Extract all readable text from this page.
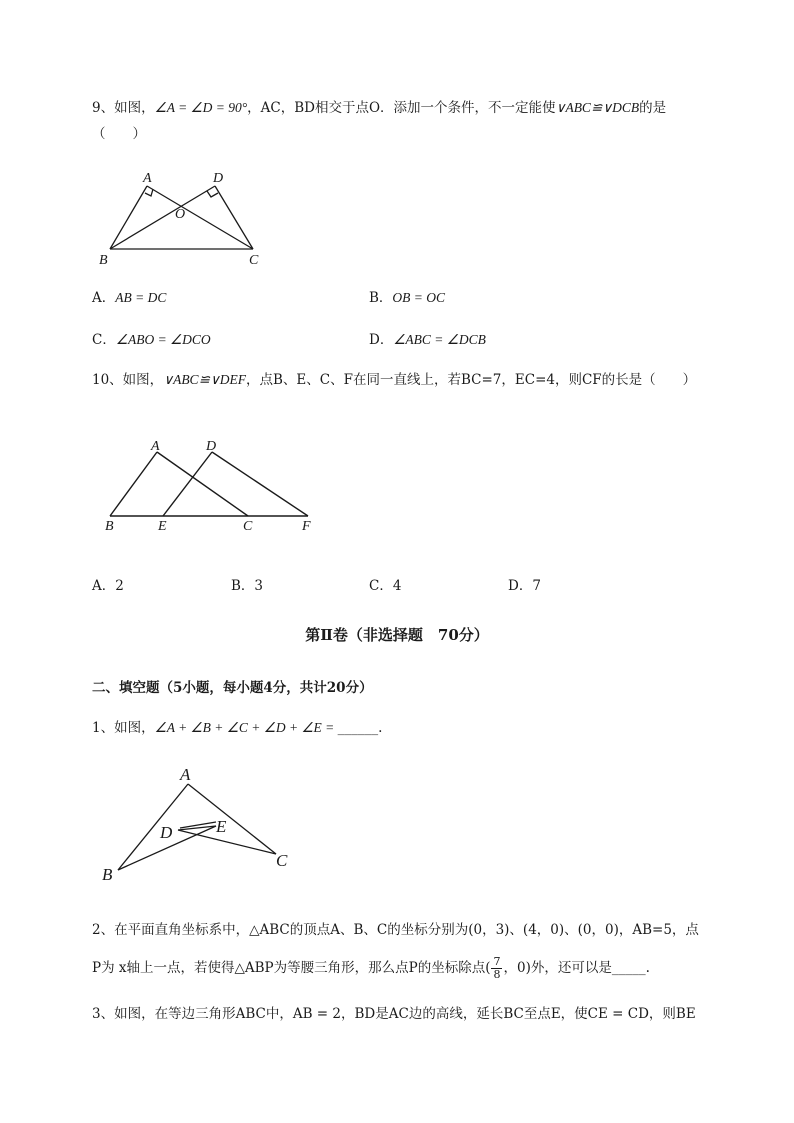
9、如图，∠A = ∠D = 90°，AC，BD相交于点O．添加一个条件，不一定能使∨ABC≌∨DCB的是
（　　）
A	D
O
B	C
A．AB = DC	B．OB = OC
C．∠ABO = ∠DCO	D．∠ABC = ∠DCB
10、如图，∨ABC≌∨DEF，点B、E、C、F在同一直线上，若BC=7，EC=4，则CF的长是（　　）
A	D
B	E	C	F
A．2	B．3	C．4	D．7
第Ⅱ卷（非选择题　70分）
二、填空题（5小题，每小题4分，共计20分）
1、如图，∠A + ∠B + ∠C + ∠D + ∠E = ______.
A
B
C
D	E
2、在平面直角坐标系中，△ABC的顶点A、B、C的坐标分别为(0，3)、(4，0)、(0，0)，AB=5，点
P为 x轴上一点，若使得△ABP为等腰三角形，那么点P的坐标除点( $\frac{7}{8}$ ，0)外，还可以是_____.
3、如图，在等边三角形ABC中，AB = 2，BD是AC边的高线，延长BC至点E，使CE = CD，则BE
